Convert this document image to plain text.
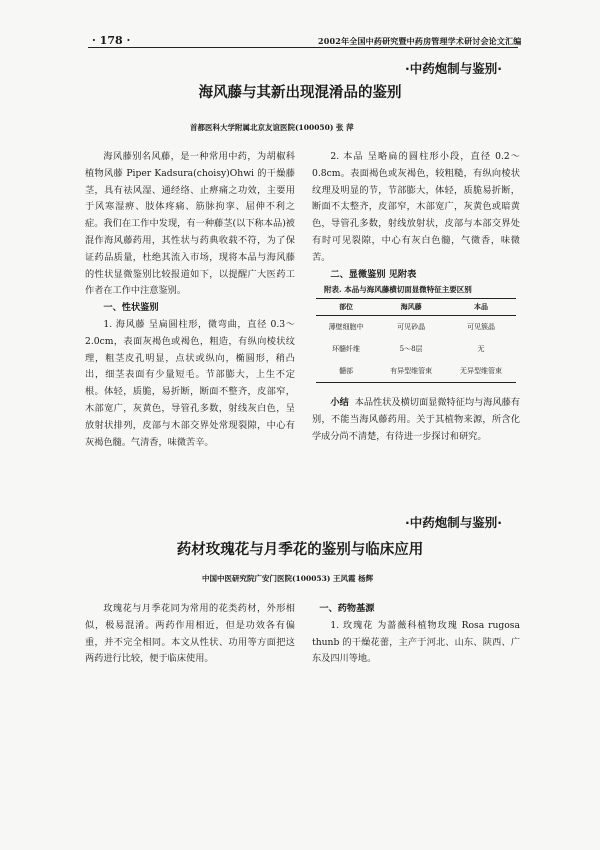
· 178 ·	2002年全国中药研究暨中药房管理学术研讨会论文汇编
·中药炮制与鉴别·
海风藤与其新出现混淆品的鉴别
首都医科大学附属北京友谊医院(100050) 张 萍

海风藤别名风藤，是一种常用中药，为胡椒科植物风藤 Piper Kadsura(choisy)Ohwi 的干燥藤茎，具有祛风湿、通经络、止痹痛之功效，主要用于风寒湿痹、肢体疼痛、筋脉拘挛、屈伸不利之症。我们在工作中发现，有一种藤茎(以下称本品)被混作海风藤药用，其性状与药典收载不符，为了保证药品质量，杜绝其流入市场，现将本品与海风藤的性状显微鉴别比较报道如下，以提醒广大医药工作者在工作中注意鉴别。

一、性状鉴别

1. 海风藤 呈扁圆柱形，微弯曲，直径 0.3～2.0cm，表面灰褐色或褐色，粗造，有纵向棱状纹理，粗茎皮孔明显，点状或纵向，椭圆形，稍凸出，细茎表面有少量短毛。节部膨大，上生不定根。体轻，质脆，易折断，断面不整齐，皮部窄，木部宽广，灰黄色，导管孔多数，射线灰白色，呈放射状排列，皮部与木部交界处常现裂隙，中心有灰褐色髓。气清香，味微苦辛。

2. 本品 呈略扁的圆柱形小段，直径 0.2～0.8cm。表面褐色或灰褐色，较粗糙，有纵向棱状纹理及明显的节，节部膨大，体轻，质脆易折断，断面不太整齐，皮部窄，木部宽广，灰黄色或暗黄色，导管孔多数，射线放射状，皮部与本部交界处有时可见裂隙，中心有灰白色髓，气微香，味微苦。

二、显微鉴别 见附表

附表. 本品与海风藤横切面显微特征主要区别
部位	海风藤	本品
薄壁细胞中	可见砂晶	可见簇晶
环髓纤维	5～8层	无
髓部	有异型维管束	无异型维管束

小结 本品性状及横切面显微特征均与海风藤有别，不能当海风藤药用。关于其植物来源，所含化学成分尚不清楚，有待进一步探讨和研究。

·中药炮制与鉴别·
药材玫瑰花与月季花的鉴别与临床应用
中国中医研究院广安门医院(100053) 王风霞 杨辉

玫瑰花与月季花同为常用的花类药材，外形相似，极易混淆。两药作用相近，但是功效各有偏重，并不完全相同。本文从性状、功用等方面把这两药进行比较，便于临床使用。

一、药物基源

1. 玫瑰花 为蔷薇科植物玫瑰 Rosa rugosa thunb 的干燥花蕾，主产于河北、山东、陕西、广东及四川等地。
